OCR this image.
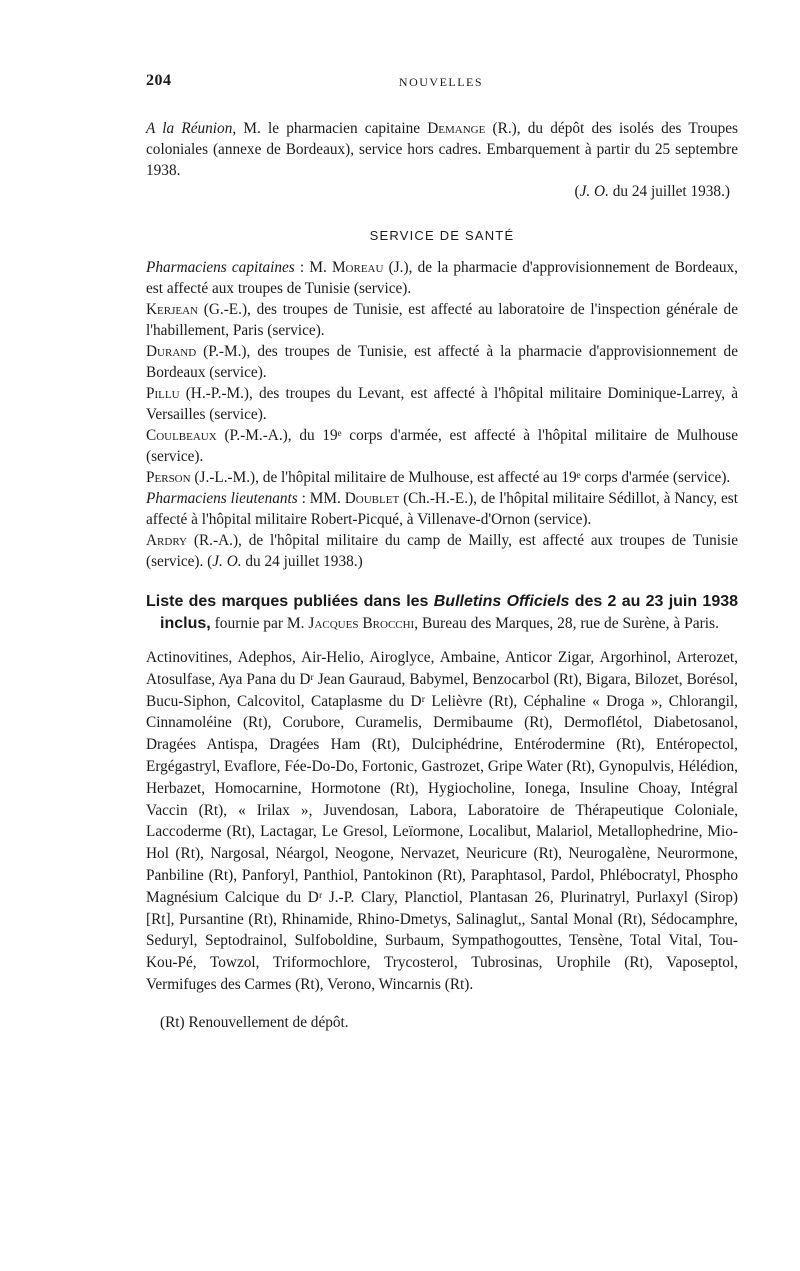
204	NOUVELLES

A la Réunion, M. le pharmacien capitaine Demange (R.), du dépôt des isolés des Troupes coloniales (annexe de Bordeaux), service hors cadres. Embarquement à partir du 25 septembre 1938.

(J. O. du 24 juillet 1938.)

SERVICE DE SANTÉ

Pharmaciens capitaines : M. Moreau (J.), de la pharmacie d'approvisionnement de Bordeaux, est affecté aux troupes de Tunisie (service).

Kerjean (G.-E.), des troupes de Tunisie, est affecté au laboratoire de l'inspection générale de l'habillement, Paris (service).

Durand (P.-M.), des troupes de Tunisie, est affecté à la pharmacie d'approvisionnement de Bordeaux (service).

Pillu (H.-P.-M.), des troupes du Levant, est affecté à l'hôpital militaire Dominique-Larrey, à Versailles (service).

Coulbeaux (P.-M.-A.), du 19ᵉ corps d'armée, est affecté à l'hôpital militaire de Mulhouse (service).

Person (J.-L.-M.), de l'hôpital militaire de Mulhouse, est affecté au 19ᵉ corps d'armée (service).

Pharmaciens lieutenants : MM. Doublet (Ch.-H.-E.), de l'hôpital militaire Sédillot, à Nancy, est affecté à l'hôpital militaire Robert-Picqué, à Villenave-d'Ornon (service).

Ardry (R.-A.), de l'hôpital militaire du camp de Mailly, est affecté aux troupes de Tunisie (service). (J. O. du 24 juillet 1938.)

Liste des marques publiées dans les Bulletins Officiels des 2 au 23 juin 1938 inclus, fournie par M. Jacques Brocchi, Bureau des Marques, 28, rue de Surène, à Paris.

Actinovitines, Adephos, Air-Helio, Airoglyce, Ambaine, Anticor Zigar, Argorhinol, Arterozet, Atosulfase, Aya Pana du Dʳ Jean Gauraud, Babymel, Benzocarbol (Rt), Bigara, Bilozet, Borésol, Bucu-Siphon, Calcovitol, Cataplasme du Dʳ Lelièvre (Rt), Céphaline « Droga », Chlorangil, Cinnamoléine (Rt), Corubore, Curamelis, Dermibaume (Rt), Dermoflétol, Diabetosanol, Dragées Antispa, Dragées Ham (Rt), Dulciphédrine, Entérodermine (Rt), Entéropectol, Ergégastryl, Evaflore, Fée-Do-Do, Fortonic, Gastrozet, Gripe Water (Rt), Gynopulvis, Hélédion, Herbazet, Homocarnine, Hormotone (Rt), Hygiocholine, Ionega, Insuline Choay, Intégral Vaccin (Rt), « Irilax », Juvendosan, Labora, Laboratoire de Thérapeutique Coloniale, Laccoderme (Rt), Lactagar, Le Gresol, Leïormone, Localibut, Malariol, Metallophedrine, Mio-Hol (Rt), Nargosal, Néargol, Neogone, Nervazet, Neuricure (Rt), Neurogalène, Neurormone, Panbiline (Rt), Panforyl, Panthiol, Pantokinon (Rt), Paraphtasol, Pardol, Phlébocratyl, Phospho Magnésium Calcique du Dʳ J.-P. Clary, Planctiol, Plantasan 26, Plurinatryl, Purlaxyl (Sirop) [Rt], Pursantine (Rt), Rhinamide, Rhino-Dmetys, Salinaglut,, Santal Monal (Rt), Sédocamphre, Seduryl, Septodrainol, Sulfoboldine, Surbaum, Sympathogouttes, Tensène, Total Vital, Tou-Kou-Pé, Towzol, Triformochlore, Trycosterol, Tubrosinas, Urophile (Rt), Vaposeptol, Vermifuges des Carmes (Rt), Verono, Wincarnis (Rt).

(Rt) Renouvellement de dépôt.
